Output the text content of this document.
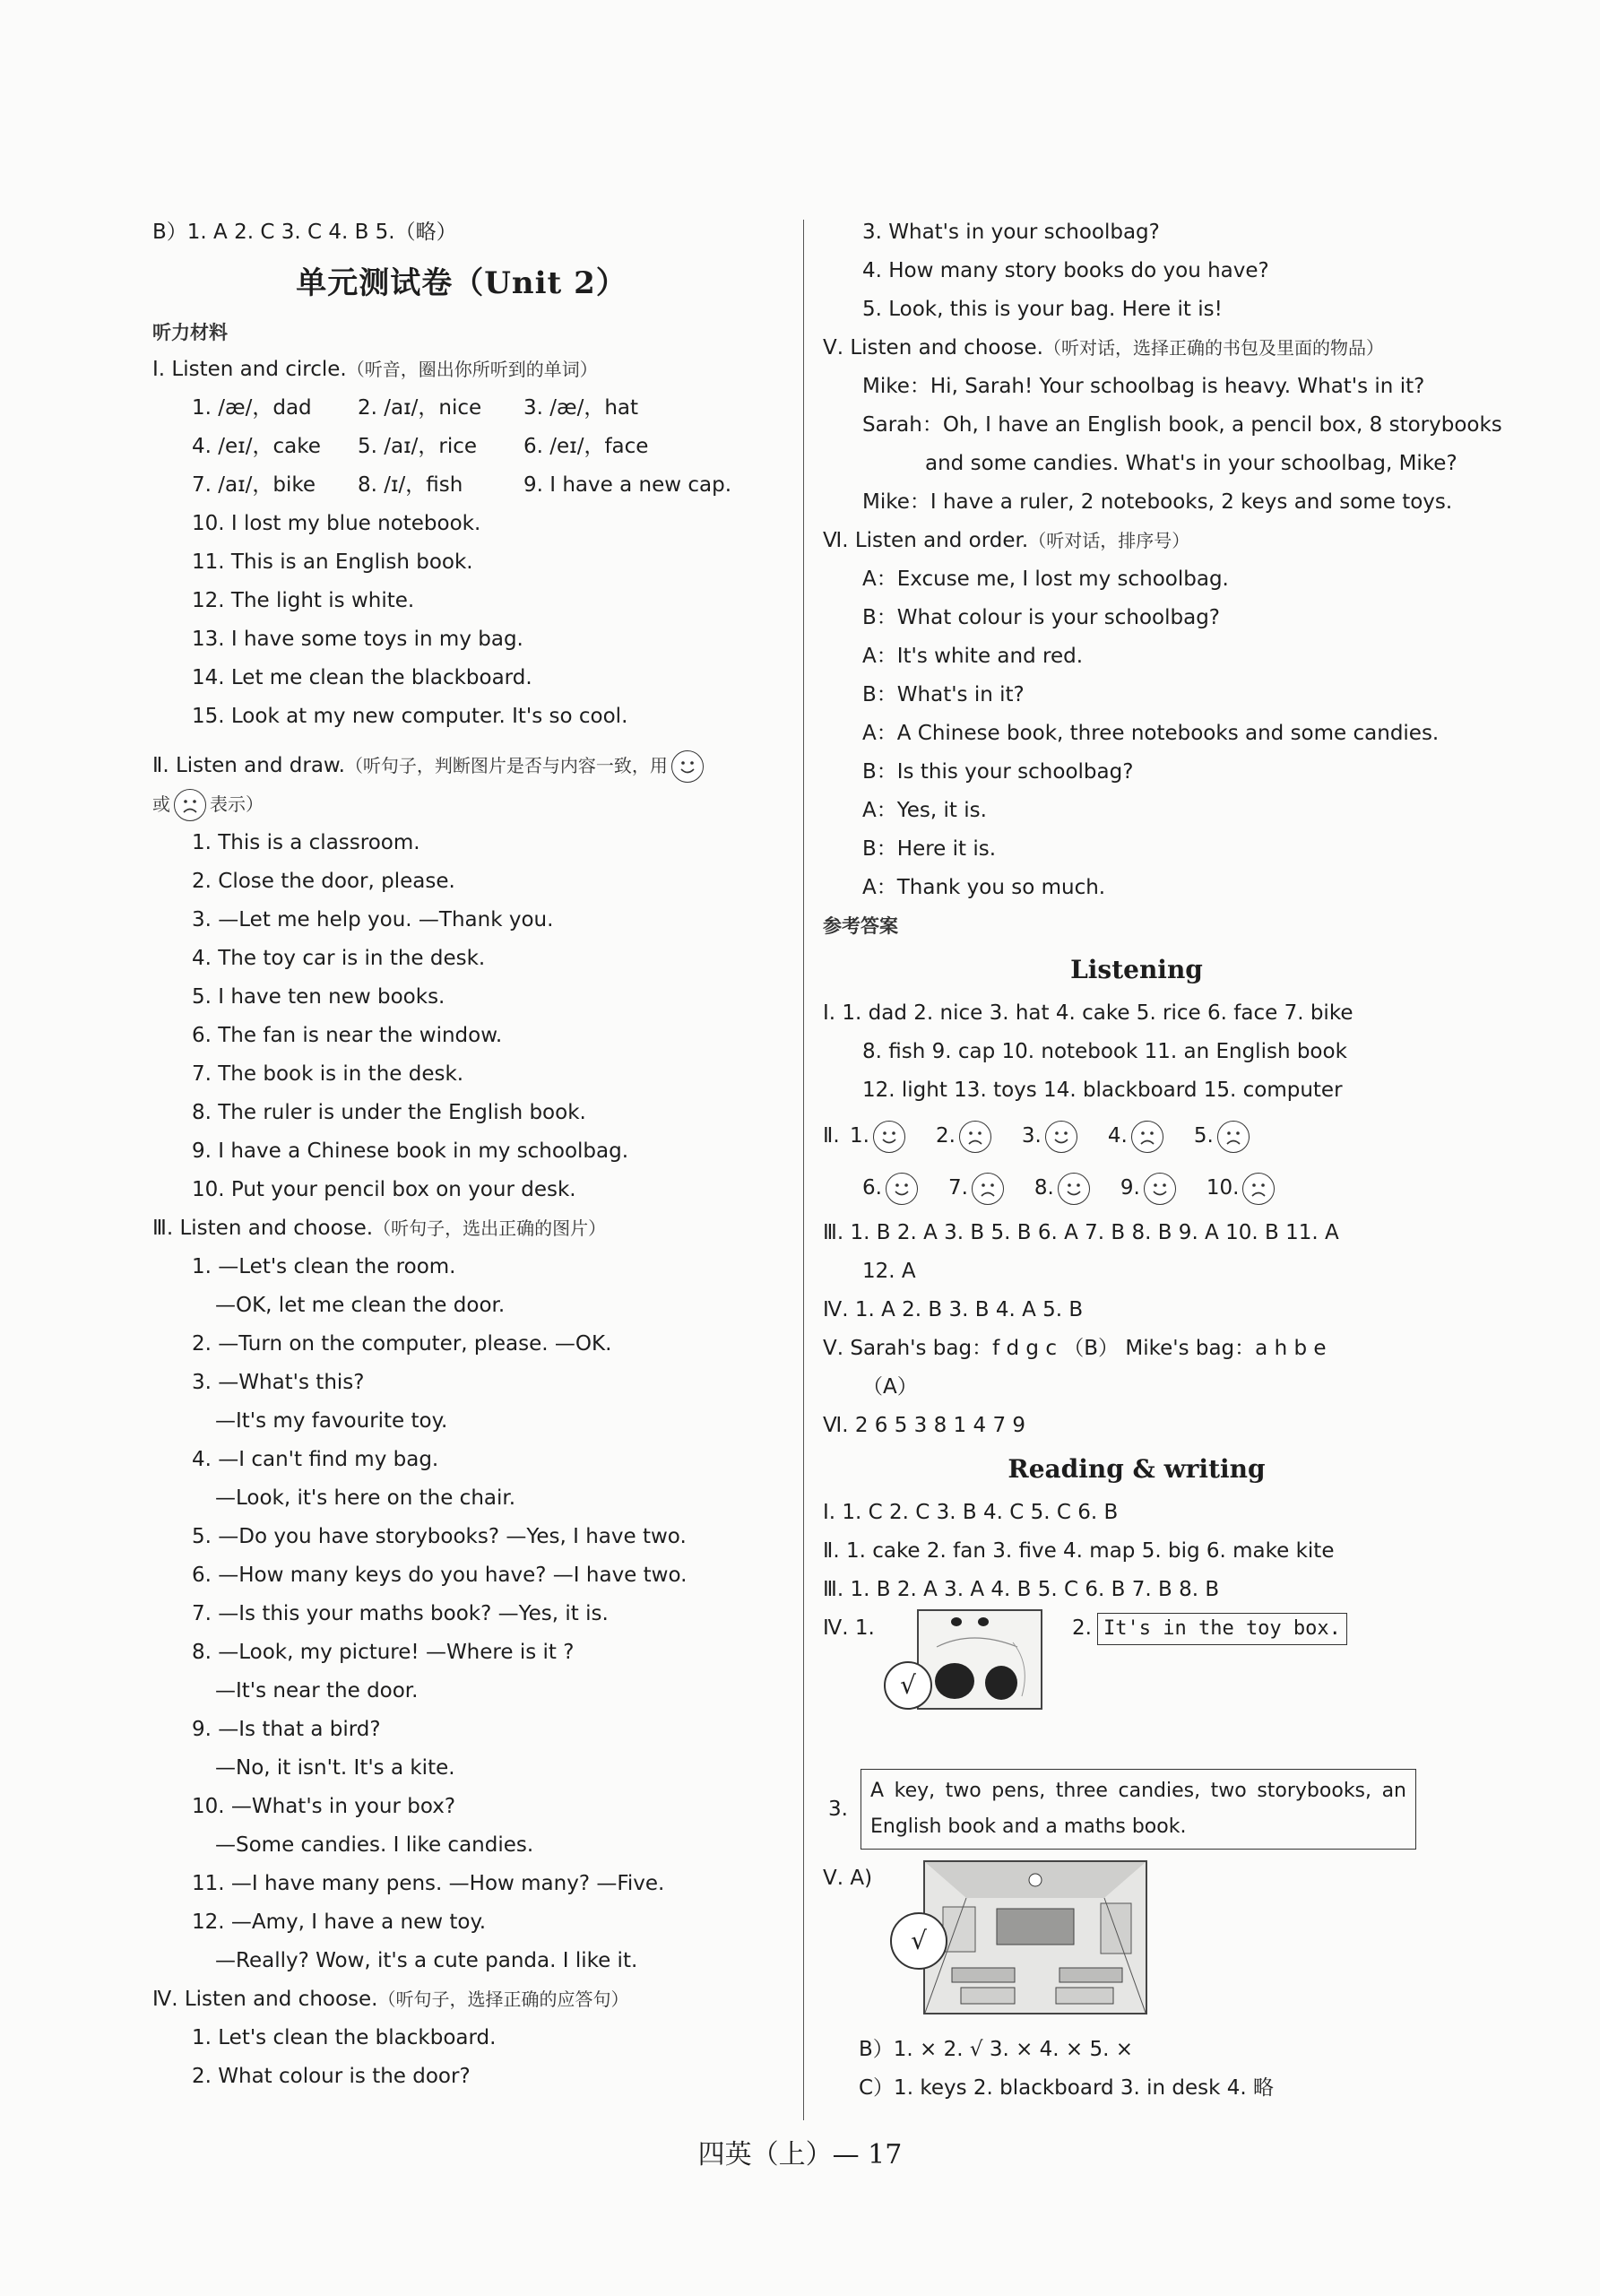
B）1. A 2. C 3. C 4. B 5.（略）
单元测试卷（Unit 2）
听力材料
Ⅰ. Listen and circle.（听音，圈出你所听到的单词）
1. /æ/，dad 2. /aɪ/，nice 3. /æ/，hat
4. /eɪ/，cake 5. /aɪ/，rice 6. /eɪ/，face
7. /aɪ/，bike 8. /ɪ/，fish	9. I have a new cap.
10. I lost my blue notebook.
11. This is an English book.
12. The light is white.
13. I have some toys in my bag.
14. Let me clean the blackboard.
15. Look at my new computer. It's so cool.
Ⅱ. Listen and draw.（听句子，判断图片是否与内容一致，用
或 表示）
1. This is a classroom.
2. Close the door, please.
3. —Let me help you. —Thank you.
4. The toy car is in the desk.
5. I have ten new books.
6. The fan is near the window.
7. The book is in the desk.
8. The ruler is under the English book.
9. I have a Chinese book in my schoolbag.
10. Put your pencil box on your desk.
Ⅲ. Listen and choose.（听句子，选出正确的图片）
1. —Let's clean the room.
—OK, let me clean the door.
2. —Turn on the computer, please. —OK.
3. —What's this?
—It's my favourite toy.
4. —I can't find my bag.
—Look, it's here on the chair.
5. —Do you have storybooks? —Yes, I have two.
6. —How many keys do you have? —I have two.
7. —Is this your maths book? —Yes, it is.
8. —Look, my picture! —Where is it ?
—It's near the door.
9. —Is that a bird?
—No, it isn't. It's a kite.
10. —What's in your box?
—Some candies. I like candies.
11. —I have many pens. —How many? —Five.
12. —Amy, I have a new toy.
—Really? Wow, it's a cute panda. I like it.
Ⅳ. Listen and choose.（听句子，选择正确的应答句）
1. Let's clean the blackboard.
2. What colour is the door?
3. What's in your schoolbag?
4. How many story books do you have?
5. Look, this is your bag. Here it is!
Ⅴ. Listen and choose.（听对话，选择正确的书包及里面的物品）
Mike：Hi, Sarah! Your schoolbag is heavy. What's in it?
Sarah：Oh, I have an English book, a pencil box, 8 storybooks
and some candies. What's in your schoolbag, Mike?
Mike：I have a ruler, 2 notebooks, 2 keys and some toys.
Ⅵ. Listen and order.（听对话，排序号）
A：Excuse me, I lost my schoolbag.
B：What colour is your schoolbag?
A：It's white and red.
B：What's in it?
A：A Chinese book, three notebooks and some candies.
B：Is this your schoolbag?
A：Yes, it is.
B：Here it is.
A：Thank you so much.
参考答案
Listening
Ⅰ. 1. dad 2. nice 3. hat 4. cake 5. rice 6. face 7. bike
8. fish 9. cap 10. notebook 11. an English book
12. light 13. toys 14. blackboard 15. computer
Ⅱ. 1.	2.	3.	4.	5.
6.	7.	8.	9.	10.
Ⅲ. 1. B 2. A 3. B 5. B 6. A 7. B 8. B 9. A 10. B 11. A
12. A
Ⅳ. 1. A 2. B 3. B 4. A 5. B
Ⅴ. Sarah's bag：f d g c （B） Mike's bag：a h b e
（A）
Ⅵ. 2 6 5 3 8 1 4 7 9
Reading & writing
Ⅰ. 1. C 2. C 3. B 4. C 5. C 6. B
Ⅱ. 1. cake 2. fan 3. five 4. map 5. big 6. make kite
Ⅲ. 1. B 2. A 3. A 4. B 5. C 6. B 7. B 8. B
Ⅳ. 1.
√
2. It's in the toy box.
3.
A key, two pens, three candies, two storybooks, an English book and a maths book.
Ⅴ. A)
√
B）1. × 2. √ 3. × 4. × 5. ×
C）1. keys 2. blackboard 3. in desk 4. 略
四英（上）— 17
